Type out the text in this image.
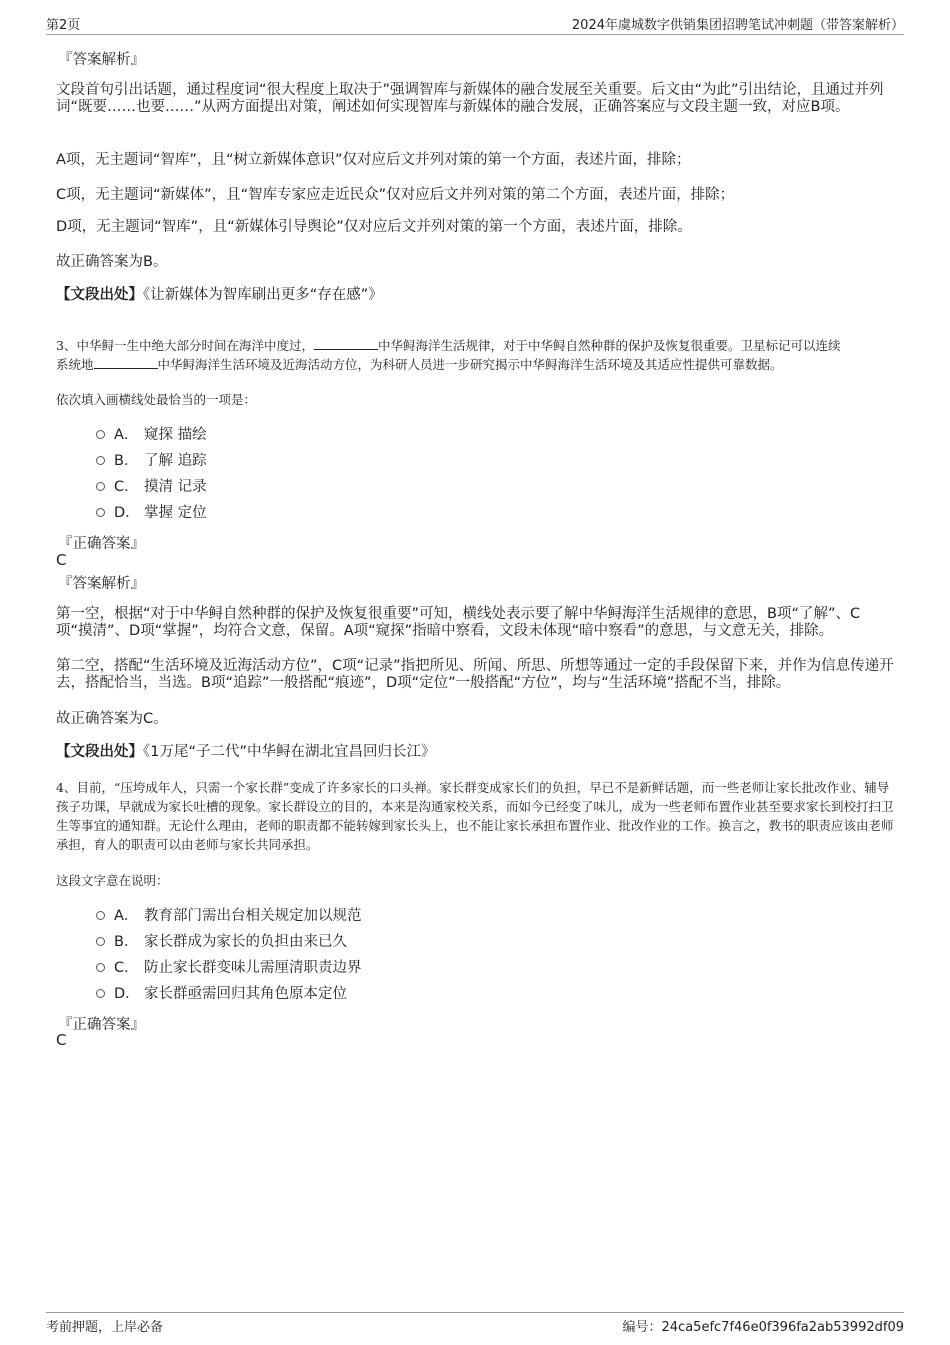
第2页	2024年虞城数字供销集团招聘笔试冲刺题（带答案解析）
『答案解析』
文段首句引出话题，通过程度词“很大程度上取决于”强调智库与新媒体的融合发展至关重要。后文由“为此”引出结论，且通过并列词“既要……也要……”从两方面提出对策，阐述如何实现智库与新媒体的融合发展，正确答案应与文段主题一致，对应B项。
A项，无主题词“智库”，且“树立新媒体意识”仅对应后文并列对策的第一个方面，表述片面，排除；
C项，无主题词“新媒体”，且“智库专家应走近民众”仅对应后文并列对策的第二个方面，表述片面，排除；
D项，无主题词“智库”，且“新媒体引导舆论”仅对应后文并列对策的第一个方面，表述片面，排除。
故正确答案为B。
【文段出处】《让新媒体为智库刷出更多“存在感”》
3、中华鲟一生中绝大部分时间在海洋中度过，	中华鲟海洋生活规律，对于中华鲟自然种群的保护及恢复很重要。卫星标记可以连续
系统地	中华鲟海洋生活环境及近海活动方位，为科研人员进一步研究揭示中华鲟海洋生活环境及其适应性提供可靠数据。
依次填入画横线处最恰当的一项是：
A． 窥探 描绘
B． 了解 追踪
C． 摸清 记录
D． 掌握 定位
『正确答案』
C
『答案解析』
第一空，根据“对于中华鲟自然种群的保护及恢复很重要”可知，横线处表示要了解中华鲟海洋生活规律的意思，B项“了解”、C项“摸清”、D项“掌握”，均符合文意，保留。A项“窥探”指暗中察看，文段未体现“暗中察看”的意思，与文意无关，排除。
第二空，搭配“生活环境及近海活动方位”，C项“记录”指把所见、所闻、所思、所想等通过一定的手段保留下来，并作为信息传递开去，搭配恰当，当选。B项“追踪”一般搭配“痕迹”，D项“定位”一般搭配“方位”，均与“生活环境”搭配不当，排除。
故正确答案为C。
【文段出处】《1万尾“子二代”中华鲟在湖北宜昌回归长江》
4、目前，“压垮成年人，只需一个家长群”变成了许多家长的口头禅。家长群变成家长们的负担，早已不是新鲜话题，而一些老师让家长批改作业、辅导孩子功课，早就成为家长吐槽的现象。家长群设立的目的，本来是沟通家校关系，而如今已经变了味儿，成为一些老师布置作业甚至要求家长到校打扫卫生等事宜的通知群。无论什么理由，老师的职责都不能转嫁到家长头上，也不能让家长承担布置作业、批改作业的工作。换言之，教书的职责应该由老师承担，育人的职责可以由老师与家长共同承担。
这段文字意在说明：
A． 教育部门需出台相关规定加以规范
B． 家长群成为家长的负担由来已久
C． 防止家长群变味儿需厘清职责边界
D． 家长群亟需回归其角色原本定位
『正确答案』
C
考前押题，上岸必备	编号：24ca5efc7f46e0f396fa2ab53992df09
